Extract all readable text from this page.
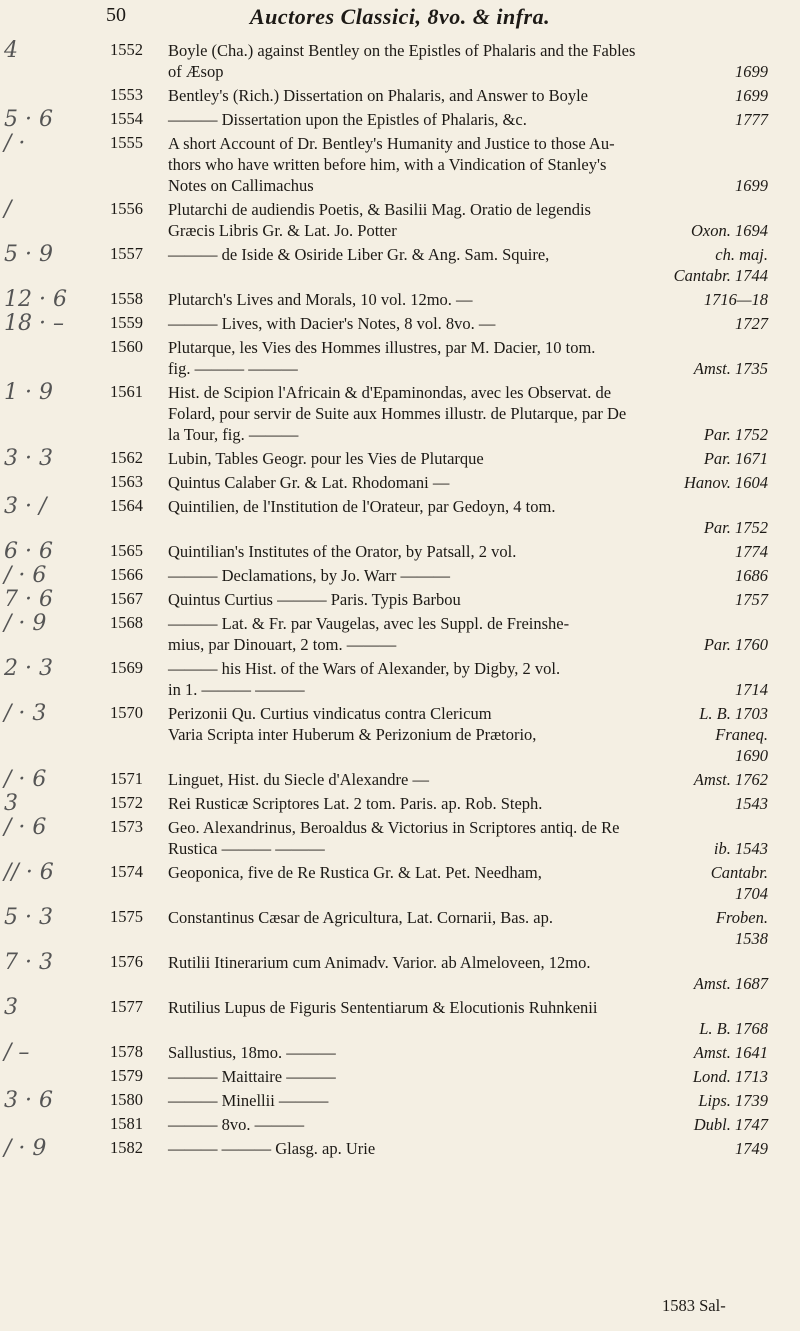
50	Auctores Classici, 8vo. & infra.
4	1552	Boyle (Cha.) against Bentley on the Epistles of Phalaris and the Fables
of Æsop	1699
1553	Bentley's (Rich.) Dissertation on Phalaris, and Answer to Boyle	1699
5 · 6	1554	——— Dissertation upon the Epistles of Phalaris, &c.	1777
/ ·	1555	A short Account of Dr. Bentley's Humanity and Justice to those Au-
thors who have written before him, with a Vindication of Stanley's
Notes on Callimachus	1699
/	1556	Plutarchi de audiendis Poetis, & Basilii Mag. Oratio de legendis
Græcis Libris Gr. & Lat. Jo. Potter	Oxon. 1694
5 · 9	1557	——— de Iside & Osiride Liber Gr. & Ang. Sam. Squire,	ch. maj.
Cantabr. 1744
12 · 6	1558	Plutarch's Lives and Morals, 10 vol. 12mo. —	1716—18
18 · –	1559	——— Lives, with Dacier's Notes, 8 vol. 8vo. —	1727
1560	Plutarque, les Vies des Hommes illustres, par M. Dacier, 10 tom.
fig. ——— ———	Amst. 1735
1 · 9	1561	Hist. de Scipion l'Africain & d'Epaminondas, avec les Observat. de
Folard, pour servir de Suite aux Hommes illustr. de Plutarque, par De
la Tour, fig. ———	Par. 1752
3 · 3	1562	Lubin, Tables Geogr. pour les Vies de Plutarque	Par. 1671
1563	Quintus Calaber Gr. & Lat. Rhodomani —	Hanov. 1604
3 · /	1564	Quintilien, de l'Institution de l'Orateur, par Gedoyn, 4 tom.
Par. 1752
6 · 6	1565	Quintilian's Institutes of the Orator, by Patsall, 2 vol.	1774
/ · 6	1566	——— Declamations, by Jo. Warr ———	1686
7 · 6	1567	Quintus Curtius ——— Paris. Typis Barbou	1757
/ · 9	1568	——— Lat. & Fr. par Vaugelas, avec les Suppl. de Freinshe-
mius, par Dinouart, 2 tom. ———	Par. 1760
2 · 3	1569	——— his Hist. of the Wars of Alexander, by Digby, 2 vol.
in 1. ——— ———	1714
/ · 3	1570	Perizonii Qu. Curtius vindicatus contra Clericum	L. B. 1703
Varia Scripta inter Huberum & Perizonium de Prætorio,	Franeq.
1690
/ · 6	1571	Linguet, Hist. du Siecle d'Alexandre —	Amst. 1762
3	1572	Rei Rusticæ Scriptores Lat. 2 tom. Paris. ap. Rob. Steph.	1543
/ · 6	1573	Geo. Alexandrinus, Beroaldus & Victorius in Scriptores antiq. de Re
Rustica ——— ———	ib. 1543
// · 6	1574	Geoponica, five de Re Rustica Gr. & Lat. Pet. Needham,	Cantabr.
1704
5 · 3	1575	Constantinus Cæsar de Agricultura, Lat. Cornarii, Bas. ap.	Froben.
1538
7 · 3	1576	Rutilii Itinerarium cum Animadv. Varior. ab Almeloveen, 12mo.
Amst. 1687
3	1577	Rutilius Lupus de Figuris Sententiarum & Elocutionis Ruhnkenii
L. B. 1768
/ –	1578	Sallustius, 18mo. ———	Amst. 1641
1579	——— Maittaire ———	Lond. 1713
3 · 6	1580	——— Minellii ———	Lips. 1739
1581	——— 8vo. ———	Dubl. 1747
/ · 9	1582	——— ——— Glasg. ap. Urie	1749
1583 Sal-
